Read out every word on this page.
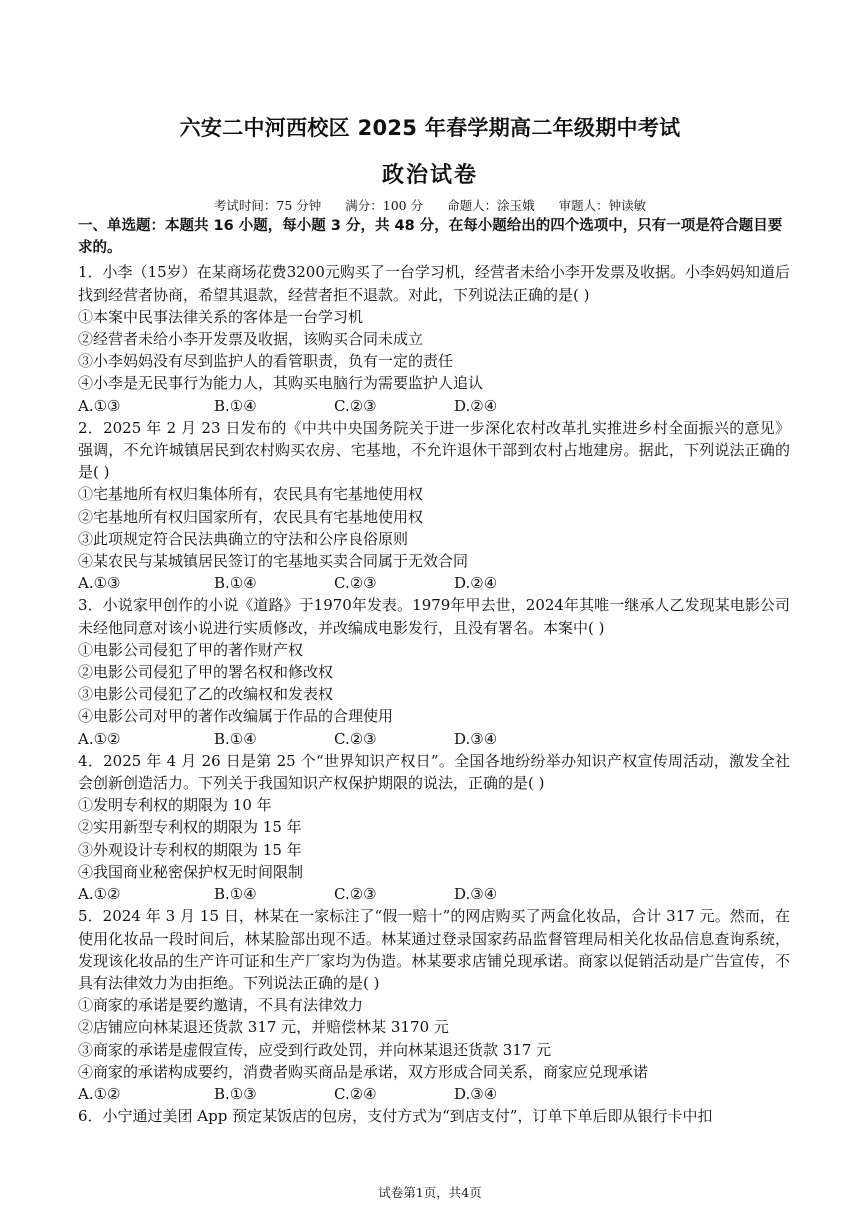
六安二中河西校区 2025 年春学期高二年级期中考试
政治试卷
考试时间：75 分钟 满分：100 分 命题人：涂玉娥 审题人：钟读敏

一、单选题：本题共 16 小题，每小题 3 分，共 48 分，在每小题给出的四个选项中，只有一项是符合题目要求的。

1．小李（15岁）在某商场花费3200元购买了一台学习机，经营者未给小李开发票及收据。小李妈妈知道后找到经营者协商，希望其退款，经营者拒不退款。对此，下列说法正确的是( )

①本案中民事法律关系的客体是一台学习机

②经营者未给小李开发票及收据，该购买合同未成立

③小李妈妈没有尽到监护人的看管职责，负有一定的责任

④小李是无民事行为能力人，其购买电脑行为需要监护人追认

A.①③	B.①④	C.②③	D.②④

2．2025 年 2 月 23 日发布的《中共中央国务院关于进一步深化农村改革扎实推进乡村全面振兴的意见》强调，不允许城镇居民到农村购买农房、宅基地，不允许退休干部到农村占地建房。据此，下列说法正确的是( )

①宅基地所有权归集体所有，农民具有宅基地使用权

②宅基地所有权归国家所有，农民具有宅基地使用权

③此项规定符合民法典确立的守法和公序良俗原则

④某农民与某城镇居民签订的宅基地买卖合同属于无效合同

A.①③	B.①④	C.②③	D.②④

3．小说家甲创作的小说《道路》于1970年发表。1979年甲去世，2024年其唯一继承人乙发现某电影公司未经他同意对该小说进行实质修改，并改编成电影发行，且没有署名。本案中( )

①电影公司侵犯了甲的著作财产权

②电影公司侵犯了甲的署名权和修改权

③电影公司侵犯了乙的改编权和发表权

④电影公司对甲的著作改编属于作品的合理使用

A.①②	B.①④	C.②③	D.③④

4．2025 年 4 月 26 日是第 25 个“世界知识产权日”。全国各地纷纷举办知识产权宣传周活动，激发全社会创新创造活力。下列关于我国知识产权保护期限的说法，正确的是( )

①发明专利权的期限为 10 年

②实用新型专利权的期限为 15 年

③外观设计专利权的期限为 15 年

④我国商业秘密保护权无时间限制

A.①②	B.①④	C.②③	D.③④

5．2024 年 3 月 15 日，林某在一家标注了“假一赔十”的网店购买了两盒化妆品，合计 317 元。然而，在使用化妆品一段时间后，林某脸部出现不适。林某通过登录国家药品监督管理局相关化妆品信息查询系统，发现该化妆品的生产许可证和生产厂家均为伪造。林某要求店铺兑现承诺。商家以促销活动是广告宣传，不具有法律效力为由拒绝。下列说法正确的是( )

①商家的承诺是要约邀请，不具有法律效力

②店铺应向林某退还货款 317 元，并赔偿林某 3170 元

③商家的承诺是虚假宣传，应受到行政处罚，并向林某退还货款 317 元

④商家的承诺构成要约，消费者购买商品是承诺，双方形成合同关系，商家应兑现承诺

A.①②	B.①③	C.②④	D.③④

6．小宁通过美团 App 预定某饭店的包房，支付方式为“到店支付”，订单下单后即从银行卡中扣

试卷第1页，共4页
